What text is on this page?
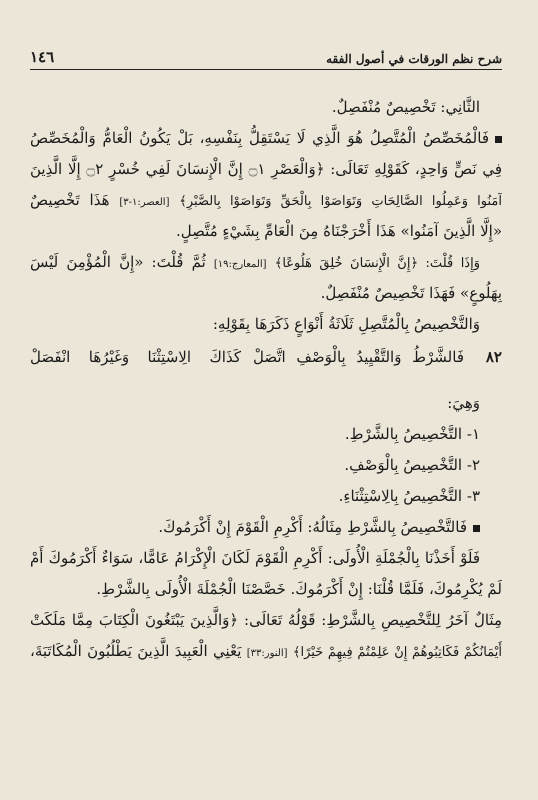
شرح نظم الورقات في أصول الفقه
١٤٦
الثَّانِي: تَخْصِيصٌ مُنْفَصِلٌ.
فَالْمُخَصِّصُ الْمُتَّصِلُ هُوَ الَّذِي لَا يَسْتَقِلُّ بِنَفْسِهِ، بَلْ يَكُونُ الْعَامُّ وَالْمُخَصِّصُ
فِي نَصٍّ وَاحِدٍ، كَقَوْلِهِ تَعَالَى: ﴿وَالْعَصْرِ ۝١ إِنَّ الْإِنسَانَ لَفِي خُسْرٍ ۝٢ إِلَّا الَّذِينَ
آمَنُوا وَعَمِلُوا الصَّالِحَاتِ وَتَوَاصَوْا بِالْحَقِّ وَتَوَاصَوْا بِالصَّبْرِ﴾ [العصر:١-٣] هَذَا تَخْصِيصٌ
«إِلَّا الَّذِينَ آمَنُوا» هَذَا أَخْرَجْنَاهُ مِنَ الْعَامِّ بِشَيْءٍ مُتَّصِلٍ.
وَإِذَا قُلْتَ: ﴿إِنَّ الْإِنسَانَ خُلِقَ هَلُوعًا﴾ [المعارج:١٩] ثُمَّ قُلْتَ: «إِنَّ الْمُؤْمِنَ لَيْسَ
بِهَلُوعٍ» فَهَذَا تَخْصِيصٌ مُنْفَصِلٌ.
وَالتَّخْصِيصُ بِالْمُتَّصِلِ ثَلَاثَةُ أَنْوَاعٍ ذَكَرَهَا بِقَوْلِهِ:
٨٢
فَالشَّرْطُ وَالتَّقْيِيدُ بِالْوَصْفِ اتَّصَلْ
كَذَاكَ الِاسْتِثْنَا وَغَيْرُهَا انْفَصَلْ
وَهِيَ:
١- التَّخْصِيصُ بِالشَّرْطِ.
٢- التَّخْصِيصُ بِالْوَصْفِ.
٣- التَّخْصِيصُ بِالِاسْتِثْنَاءِ.
فَالتَّخْصِيصُ بِالشَّرْطِ مِثَالُهُ: أَكْرِمِ الْقَوْمَ إِنْ أَكْرَمُوكَ.
فَلَوْ أَخَذْنَا بِالْجُمْلَةِ الْأُولَى: أَكْرِمِ الْقَوْمَ لَكَانَ الْإِكْرَامُ عَامًّا، سَوَاءٌ أَكْرَمُوكَ أَمْ
لَمْ يُكْرِمُوكَ، فَلَمَّا قُلْنَا: إِنْ أَكْرَمُوكَ. خَصَّصْنَا الْجُمْلَةَ الْأُولَى بِالشَّرْطِ.
مِثَالٌ آخَرُ لِلتَّخْصِيصِ بِالشَّرْطِ: قَوْلُهُ تَعَالَى: ﴿وَالَّذِينَ يَبْتَغُونَ الْكِتَابَ مِمَّا مَلَكَتْ
أَيْمَانُكُمْ فَكَاتِبُوهُمْ إِنْ عَلِمْتُمْ فِيهِمْ خَيْرًا﴾ [النور:٣٣] يَعْنِي الْعَبِيدَ الَّذِينَ يَطْلُبُونَ الْمُكَاتَبَةَ،
